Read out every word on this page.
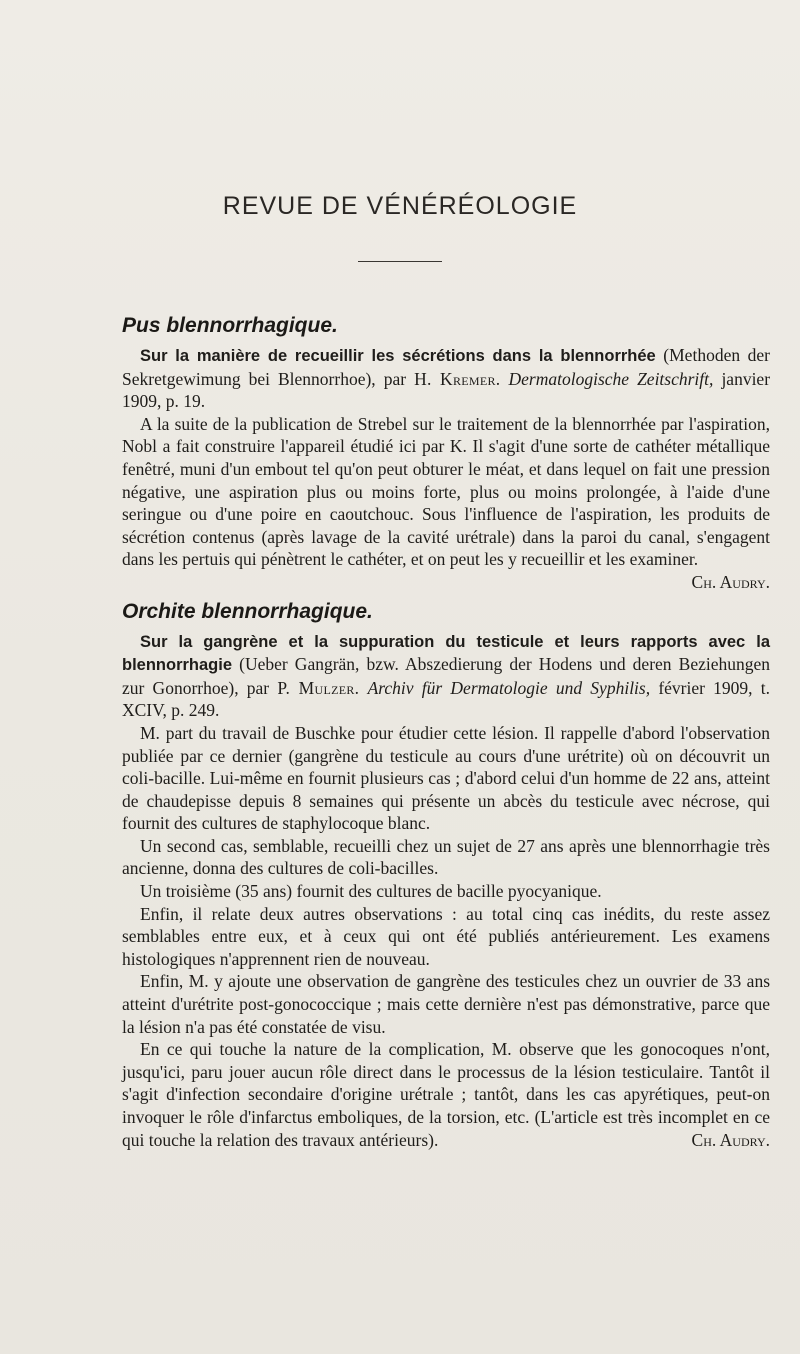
REVUE DE VÉNÉRÉOLOGIE
Pus blennorrhagique.

Sur la manière de recueillir les sécrétions dans la blennorrhée (Methoden der Sekretgewimung bei Blennorrhoe), par H. Kremer. Dermatologische Zeitschrift, janvier 1909, p. 19.

A la suite de la publication de Strebel sur le traitement de la blennorrhée par l'aspiration, Nobl a fait construire l'appareil étudié ici par K. Il s'agit d'une sorte de cathéter métallique fenêtré, muni d'un embout tel qu'on peut obturer le méat, et dans lequel on fait une pression négative, une aspiration plus ou moins forte, plus ou moins prolongée, à l'aide d'une seringue ou d'une poire en caoutchouc. Sous l'influence de l'aspiration, les produits de sécrétion contenus (après lavage de la cavité urétrale) dans la paroi du canal, s'engagent dans les pertuis qui pénètrent le cathéter, et on peut les y recueillir et les examiner.
Ch. Audry.

Orchite blennorrhagique.

Sur la gangrène et la suppuration du testicule et leurs rapports avec la blennorrhagie (Ueber Gangrän, bzw. Abszedierung der Hodens und deren Beziehungen zur Gonorrhoe), par P. Mulzer. Archiv für Dermatologie und Syphilis, février 1909, t. XCIV, p. 249.

M. part du travail de Buschke pour étudier cette lésion. Il rappelle d'abord l'observation publiée par ce dernier (gangrène du testicule au cours d'une urétrite) où on découvrit un coli-bacille. Lui-même en fournit plusieurs cas ; d'abord celui d'un homme de 22 ans, atteint de chaudepisse depuis 8 semaines qui présente un abcès du testicule avec nécrose, qui fournit des cultures de staphylocoque blanc.

Un second cas, semblable, recueilli chez un sujet de 27 ans après une blennorrhagie très ancienne, donna des cultures de coli-bacilles.

Un troisième (35 ans) fournit des cultures de bacille pyocyanique.

Enfin, il relate deux autres observations : au total cinq cas inédits, du reste assez semblables entre eux, et à ceux qui ont été publiés antérieurement. Les examens histologiques n'apprennent rien de nouveau.

Enfin, M. y ajoute une observation de gangrène des testicules chez un ouvrier de 33 ans atteint d'urétrite post-gonococcique ; mais cette dernière n'est pas démonstrative, parce que la lésion n'a pas été constatée de visu.

En ce qui touche la nature de la complication, M. observe que les gonocoques n'ont, jusqu'ici, paru jouer aucun rôle direct dans le processus de la lésion testiculaire. Tantôt il s'agit d'infection secondaire d'origine urétrale ; tantôt, dans les cas apyrétiques, peut-on invoquer le rôle d'infarctus emboliques, de la torsion, etc. (L'article est très incomplet en ce qui touche la relation des travaux antérieurs).	Ch. Audry.
